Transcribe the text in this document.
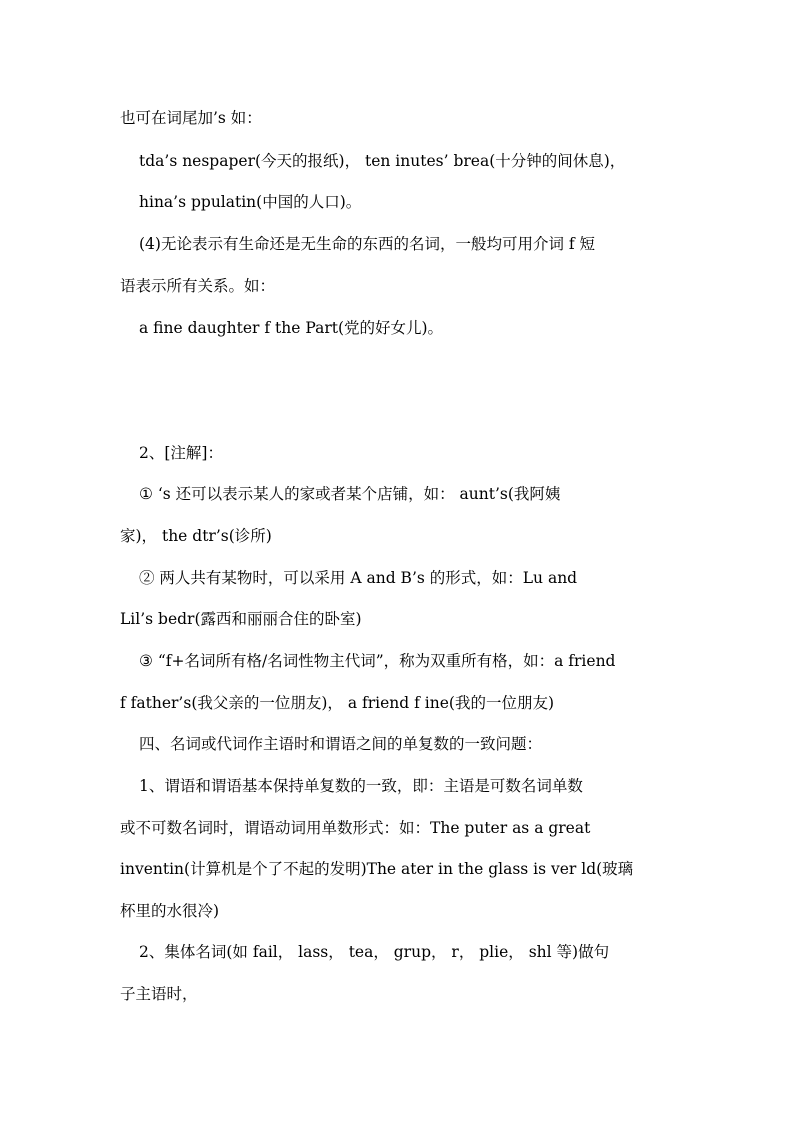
也可在词尾加’s 如：
tda’s nespaper(今天的报纸)， ten inutes’ brea(十分钟的间休息)，
hina’s ppulatin(中国的人口)。
(4)无论表示有生命还是无生命的东西的名词，一般均可用介词 f 短
语表示所有关系。如：
a fine daughter f the Part(党的好女儿)。
2、[注解]：
① ‘s 还可以表示某人的家或者某个店铺，如： aunt’s(我阿姨
家)， the dtr’s(诊所)
② 两人共有某物时，可以采用 A and B’s 的形式，如：Lu and
Lil’s bedr(露西和丽丽合住的卧室)
③ “f+名词所有格/名词性物主代词”，称为双重所有格，如：a friend
f father’s(我父亲的一位朋友)， a friend f ine(我的一位朋友)
四、名词或代词作主语时和谓语之间的单复数的一致问题：
1、谓语和谓语基本保持单复数的一致，即：主语是可数名词单数
或不可数名词时，谓语动词用单数形式：如：The puter as a great
inventin(计算机是个了不起的发明)The ater in the glass is ver ld(玻璃
杯里的水很冷)
2、集体名词(如 fail， lass， tea， grup， r， plie， shl 等)做句
子主语时，
